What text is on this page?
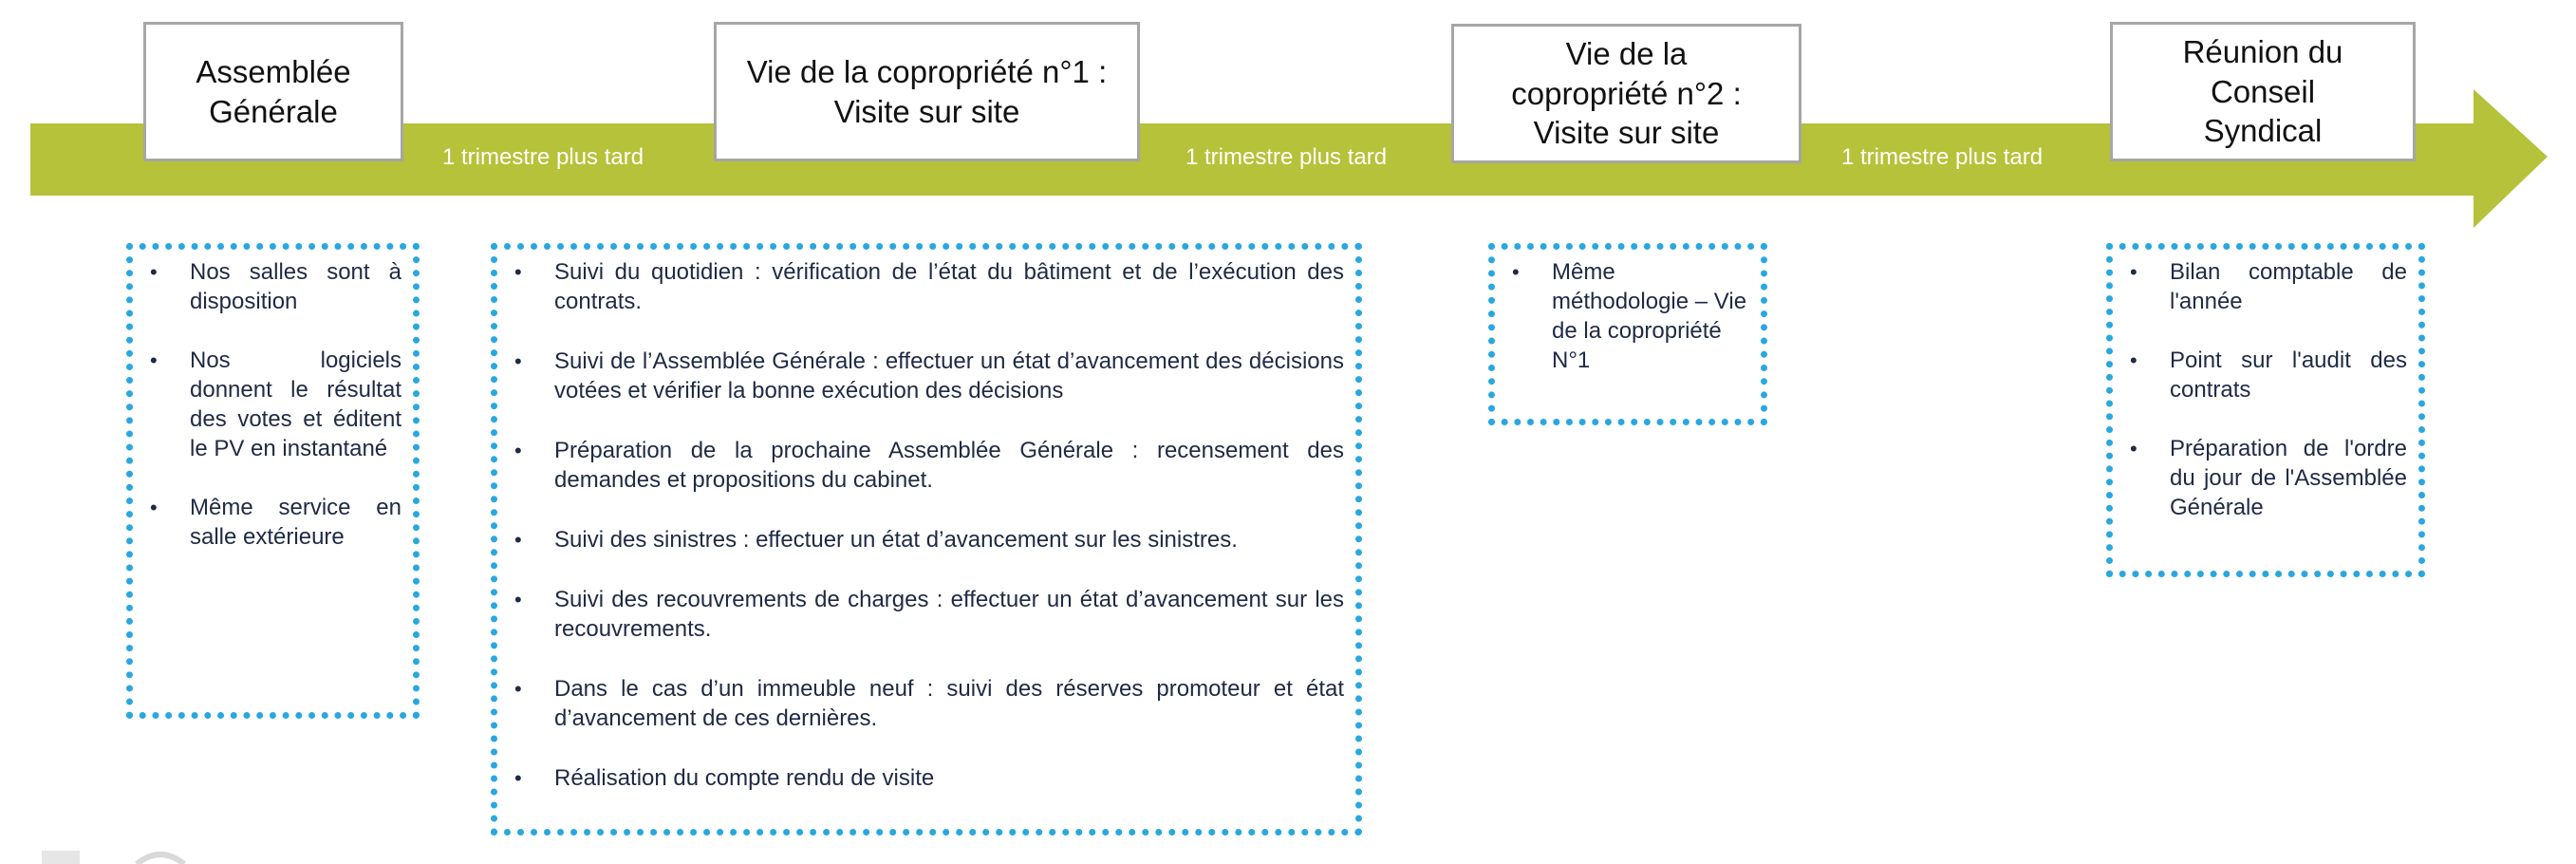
Assemblée
Générale
Vie de la copropriété n°1 :
Visite sur site
Vie de la
copropriété n°2 :
Visite sur site
Réunion du
Conseil
Syndical
1 trimestre plus tard	1 trimestre plus tard	1 trimestre plus tard
• Nos salles sont à disposition
• Nos logiciels donnent le résultat des votes et éditent le PV en instantané
• Même service en salle extérieure
• Suivi du quotidien : vérification de l’état du bâtiment et de l’exécution des contrats.
• Suivi de l’Assemblée Générale : effectuer un état d’avancement des décisions votées et vérifier la bonne exécution des décisions
• Préparation de la prochaine Assemblée Générale : recensement des demandes et propositions du cabinet.
• Suivi des sinistres : effectuer un état d’avancement sur les sinistres.
• Suivi des recouvrements de charges : effectuer un état d’avancement sur les recouvrements.
• Dans le cas d’un immeuble neuf : suivi des réserves promoteur et état d’avancement de ces dernières.
• Réalisation du compte rendu de visite
• Même méthodologie – Vie de la copropriété N°1
• Bilan comptable de l'année
• Point sur l'audit des contrats
• Préparation de l'ordre du jour de l'Assemblée Générale
